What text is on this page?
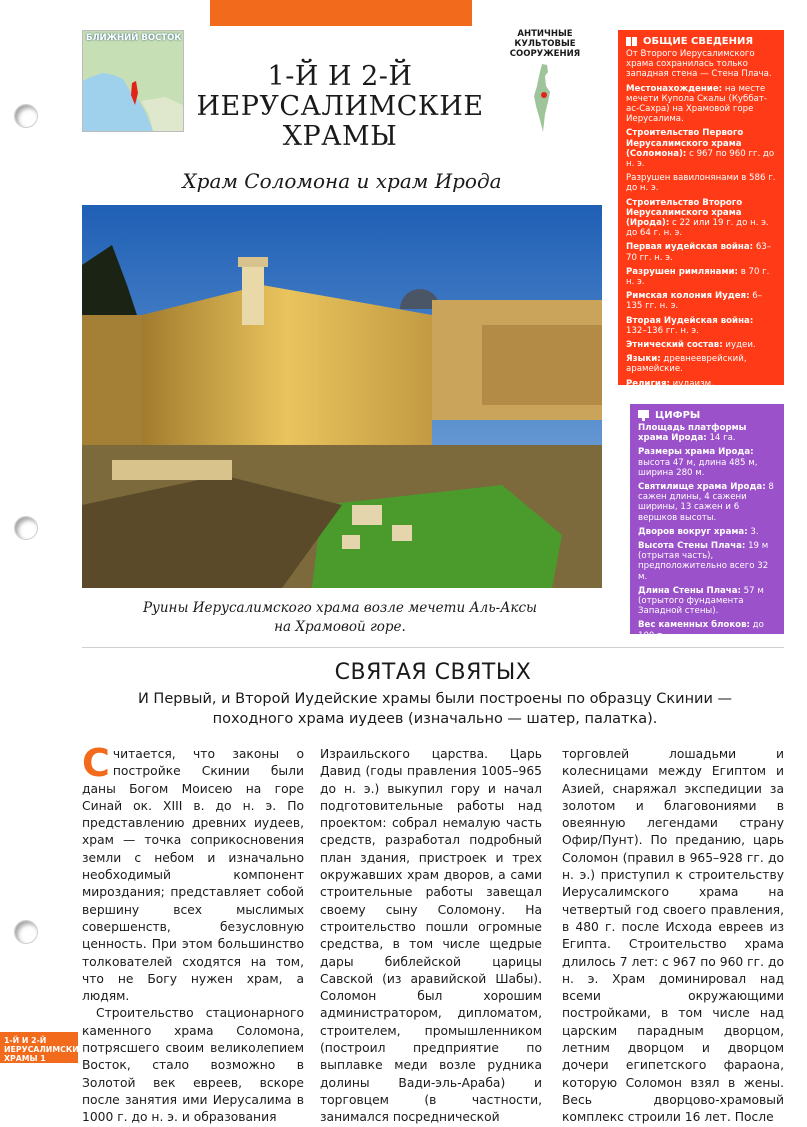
БЛИЖНИЙ ВОСТОК	АНТИЧНЫЕ КУЛЬТОВЫЕ СООРУЖЕНИЯ
1-Й И 2-Й
ИЕРУСАЛИМСКИЕ
ХРАМЫ
Храм Соломона и храм Ирода
Руины Иерусалимского храма возле мечети Аль-Аксы
на Храмовой горе.
ОБЩИЕ СВЕДЕНИЯ
От Второго Иерусалимского храма сохранилась только западная стена — Стена Плача.
Местонахождение: на месте мечети Купола Скалы (Куббат-ас-Сахра) на Храмовой горе Иерусалима.
Строительство Первого Иерусалимского храма (Соломона): с 967 по 960 гг. до н. э.
Разрушен вавилонянами в 586 г. до н. э.
Строительство Второго Иерусалимского храма (Ирода): с 22 или 19 г. до н. э. до 64 г. н. э.
Первая иудейская война: 63–70 гг. н. э.
Разрушен римлянами: в 70 г. н. э.
Римская колония Иудея: 6–135 гг. н. э.
Вторая Иудейская война: 132–136 гг. н. э.
Этнический состав: иудеи.
Языки: древнееврейский, арамейские.
Религия: иудаизм.
ЦИФРЫ
Площадь платформы храма Ирода: 14 га.
Размеры храма Ирода: высота 47 м, длина 485 м, ширина 280 м.
Святилище храма Ирода: 8 сажен длины, 4 сажени ширины, 13 сажен и 6 вершков высоты.
Дворов вокруг храма: 3.
Высота Стены Плача: 19 м (отрытая часть), предположительно всего 32 м.
Длина Стены Плача: 57 м (отрытого фундамента Западной стены).
Вес каменных блоков: до 100 т.
СВЯТАЯ СВЯТЫХ
И Первый, и Второй Иудейские храмы были построены по образцу Скинии — походного храма иудеев (изначально — шатер, палатка).

Считается, что законы о постройке Скинии были даны Богом Моисею на горе Синай ок. XIII в. до н. э. По представлению древних иудеев, храм — точка соприкосновения земли с небом и изначально необходимый компонент мироздания; представляет собой вершину всех мыслимых совершенств, безусловную ценность. При этом большинство толкователей сходятся на том, что не Богу нужен храм, а людям.

Строительство стационарного каменного храма Соломона, потрясшего своим великолепием Восток, стало возможно в Золотой век евреев, вскоре после занятия ими Иерусалима в 1000 г. до н. э. и образования

Израильского царства. Царь Давид (годы правления 1005–965 до н. э.) выкупил гору и начал подготовительные работы над проектом: собрал немалую часть средств, разработал подробный план здания, пристроек и трех окружавших храм дворов, а сами строительные работы завещал своему сыну Соломону. На строительство пошли огромные средства, в том числе щедрые дары библейской царицы Савской (из аравийской Шабы). Соломон был хорошим администратором, дипломатом, строителем, промышленником (построил предприятие по выплавке меди возле рудника долины Вади-эль-Араба) и торговцем (в частности, занимался посреднической

торговлей лошадьми и колесницами между Египтом и Азией, снаряжал экспедиции за золотом и благовониями в овеянную легендами страну Офир/Пунт). По преданию, царь Соломон (правил в 965–928 гг. до н. э.) приступил к строительству Иерусалимского храма на четвертый год своего правления, в 480 г. после Исхода евреев из Египта. Строительство храма длилось 7 лет: с 967 по 960 гг. до н. э. Храм доминировал над всеми окружающими постройками, в том числе над царским парадным дворцом, летним дворцом и дворцом дочери египетского фараона, которую Соломон взял в жены. Весь дворцово-храмовый комплекс строили 16 лет. После

1-Й И 2-Й
ИЕРУСАЛИМСКИЕ
ХРАМЫ 1
